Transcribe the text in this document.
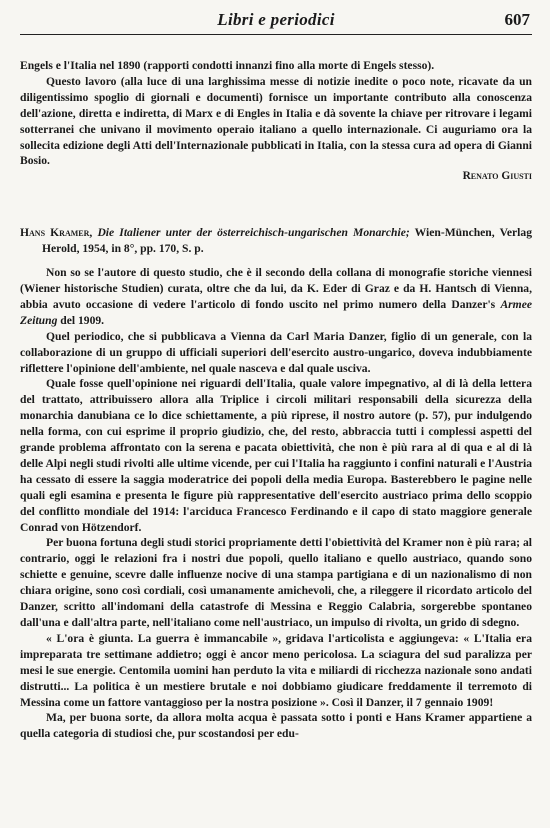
Libri e periodici	607

Engels e l'Italia nel 1890 (rapporti condotti innanzi fino alla morte di Engels stesso).

Questo lavoro (alla luce di una larghissima messe di notizie inedite o poco note, ricavate da un diligentissimo spoglio di giornali e documenti) fornisce un importante contributo alla conoscenza dell'azione, diretta e indiretta, di Marx e di Engles in Italia e dà sovente la chiave per ritrovare i legami sotterranei che univano il movimento operaio italiano a quello internazionale. Ci auguriamo ora la sollecita edizione degli Atti dell'Internazionale pubblicati in Italia, con la stessa cura ad opera di Gianni Bosio.

Renato Giusti

Hans Kramer, Die Italiener unter der österreichisch-ungarischen Monarchie; Wien-München, Verlag Herold, 1954, in 8°, pp. 170, S. p.

Non so se l'autore di questo studio, che è il secondo della collana di monografie storiche viennesi (Wiener historische Studien) curata, oltre che da lui, da K. Eder di Graz e da H. Hantsch di Vienna, abbia avuto occasione di vedere l'articolo di fondo uscito nel primo numero della Danzer's Armee Zeitung del 1909.

Quel periodico, che si pubblicava a Vienna da Carl Maria Danzer, figlio di un generale, con la collaborazione di un gruppo di ufficiali superiori dell'esercito austro-ungarico, doveva indubbiamente riflettere l'opinione dell'ambiente, nel quale nasceva e dal quale usciva.

Quale fosse quell'opinione nei riguardi dell'Italia, quale valore impegnativo, al di là della lettera del trattato, attribuissero allora alla Triplice i circoli militari responsabili della sicurezza della monarchia danubiana ce lo dice schiettamente, a più riprese, il nostro autore (p. 57), pur indulgendo nella forma, con cui esprime il proprio giudizio, che, del resto, abbraccia tutti i complessi aspetti del grande problema affrontato con la serena e pacata obiettività, che non è più rara al di qua e al di là delle Alpi negli studi rivolti alle ultime vicende, per cui l'Italia ha raggiunto i confini naturali e l'Austria ha cessato di essere la saggia moderatrice dei popoli della media Europa. Basterebbero le pagine nelle quali egli esamina e presenta le figure più rappresentative dell'esercito austriaco prima dello scoppio del conflitto mondiale del 1914: l'arciduca Francesco Ferdinando e il capo di stato maggiore generale Conrad von Hötzendorf.

Per buona fortuna degli studi storici propriamente detti l'obiettività del Kramer non è più rara; al contrario, oggi le relazioni fra i nostri due popoli, quello italiano e quello austriaco, quando sono schiette e genuine, scevre dalle influenze nocive di una stampa partigiana e di un nazionalismo di non chiara origine, sono così cordiali, così umanamente amichevoli, che, a rileggere il ricordato articolo del Danzer, scritto all'indomani della catastrofe di Messina e Reggio Calabria, sorgerebbe spontaneo dall'una e dall'altra parte, nell'italiano come nell'austriaco, un impulso di rivolta, un grido di sdegno.

« L'ora è giunta. La guerra è immancabile », gridava l'articolista e aggiungeva: « L'Italia era impreparata tre settimane addietro; oggi è ancor meno pericolosa. La sciagura del sud paralizza per mesi le sue energie. Centomila uomini han perduto la vita e miliardi di ricchezza nazionale sono andati distrutti... La politica è un mestiere brutale e noi dobbiamo giudicare freddamente il terremoto di Messina come un fattore vantaggioso per la nostra posizione ». Così il Danzer, il 7 gennaio 1909!

Ma, per buona sorte, da allora molta acqua è passata sotto i ponti e Hans Kramer appartiene a quella categoria di studiosi che, pur scostandosi per edu-
